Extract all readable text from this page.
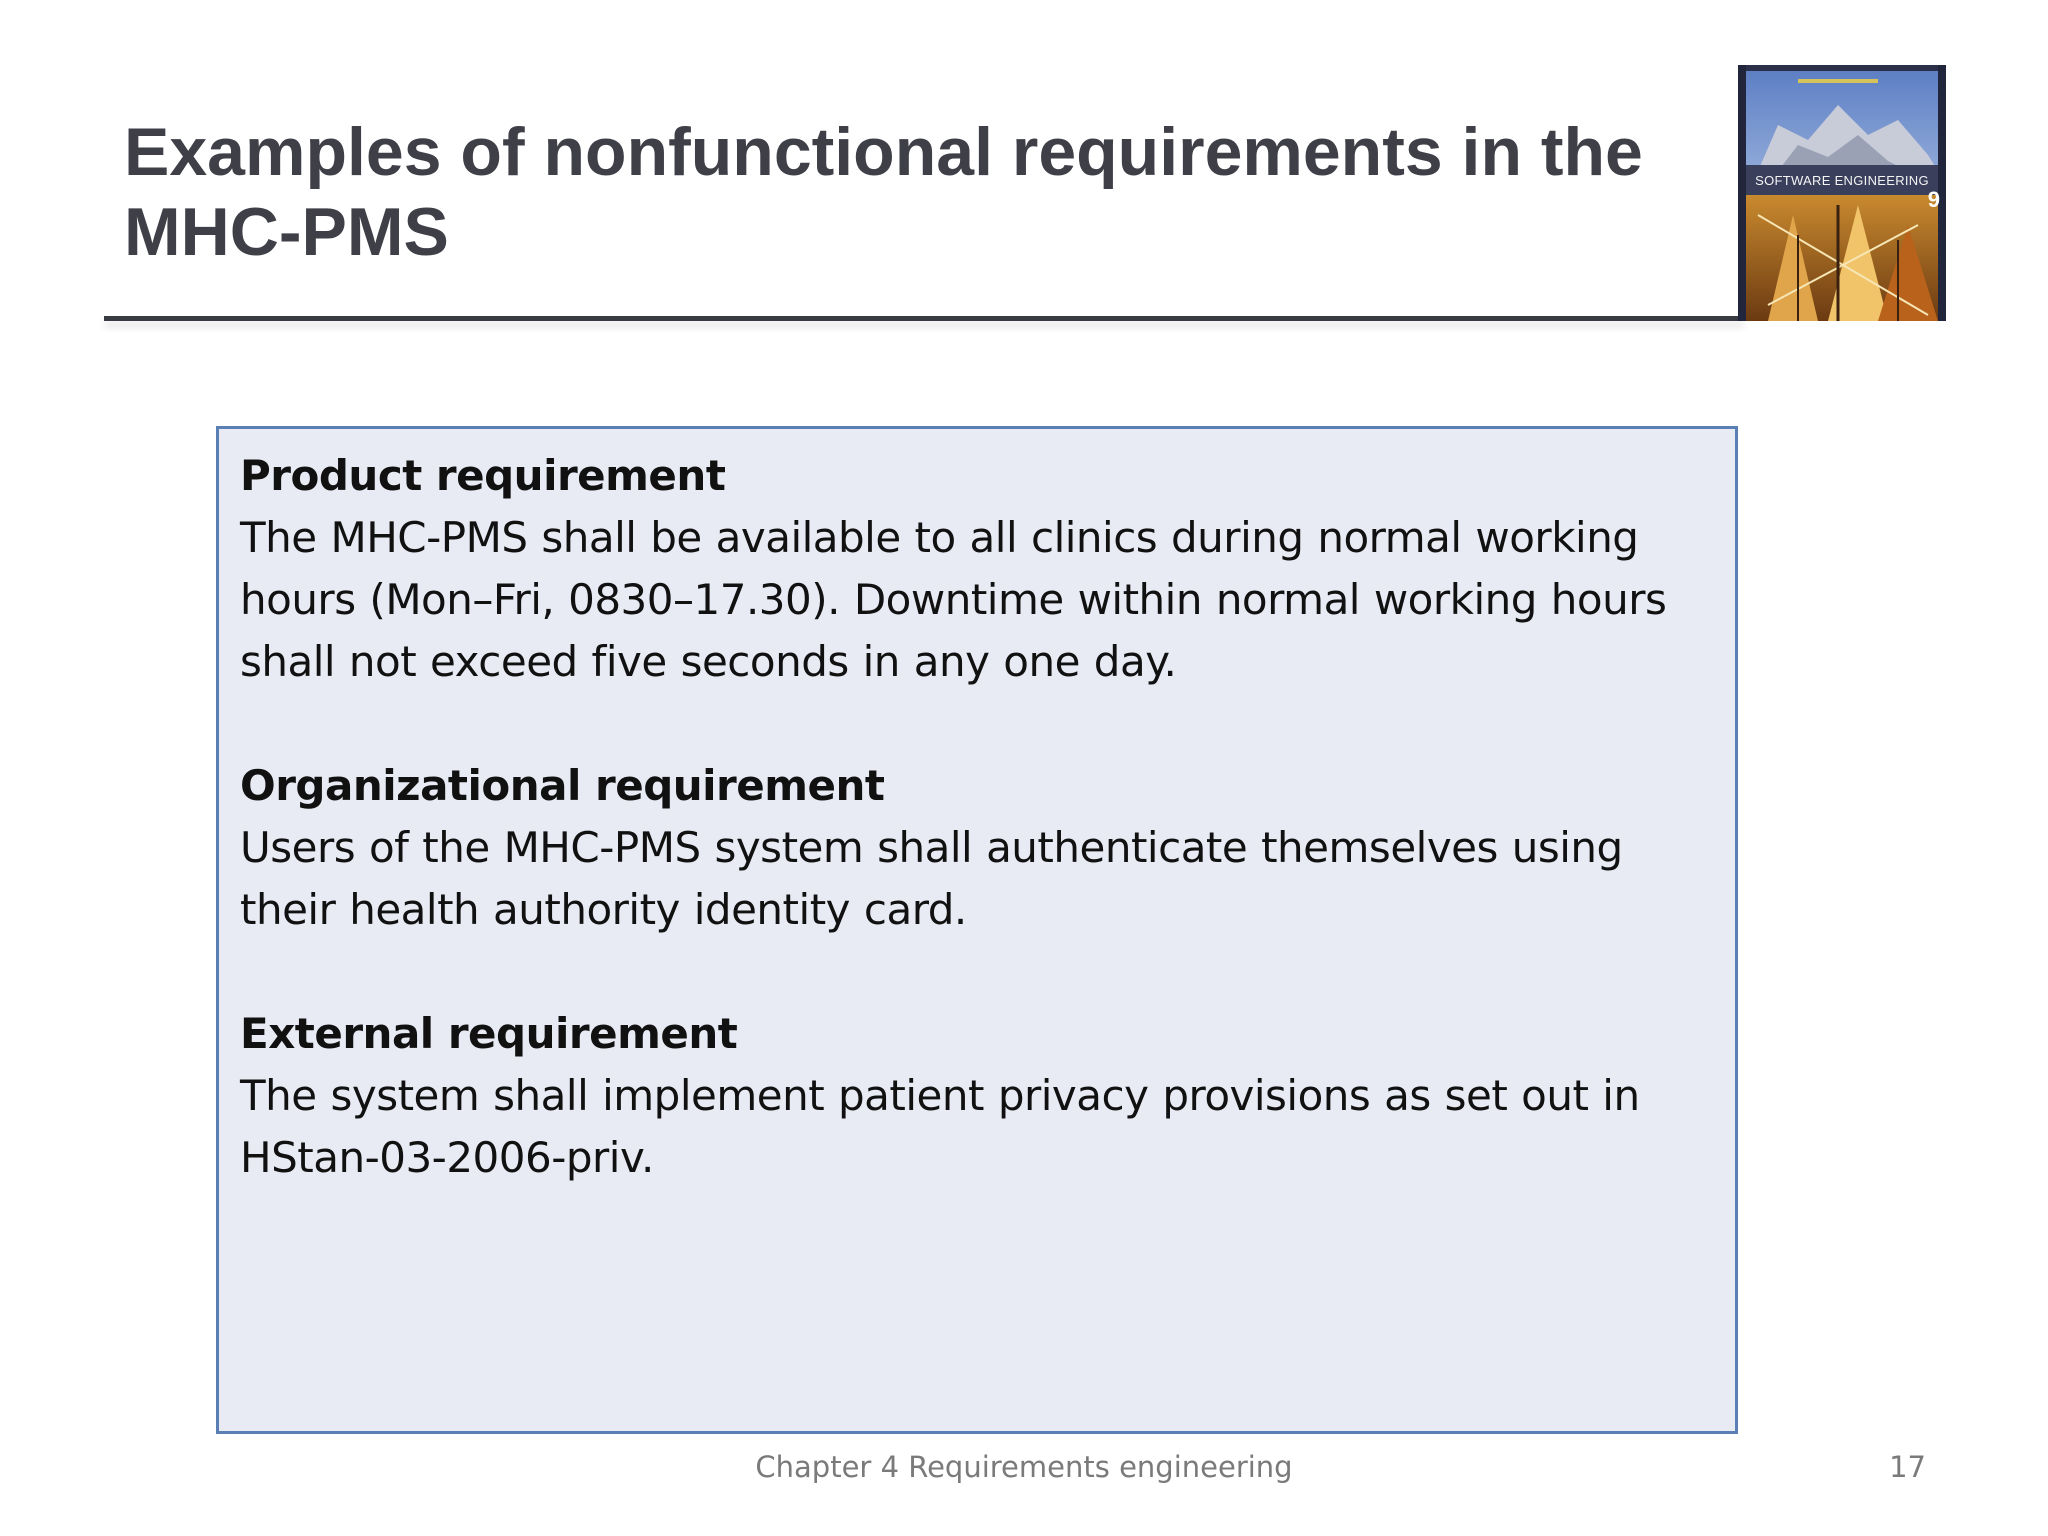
Examples of nonfunctional requirements in the MHC-PMS
SOFTWARE ENGINEERING
9
Product requirement
The MHC-PMS shall be available to all clinics during normal working hours (Mon–Fri, 0830–17.30). Downtime within normal working hours shall not exceed five seconds in any one day.
Organizational requirement
Users of the MHC-PMS system shall authenticate themselves using their health authority identity card.
External requirement
The system shall implement patient privacy provisions as set out in HStan-03-2006-priv.
Chapter 4 Requirements engineering	17
